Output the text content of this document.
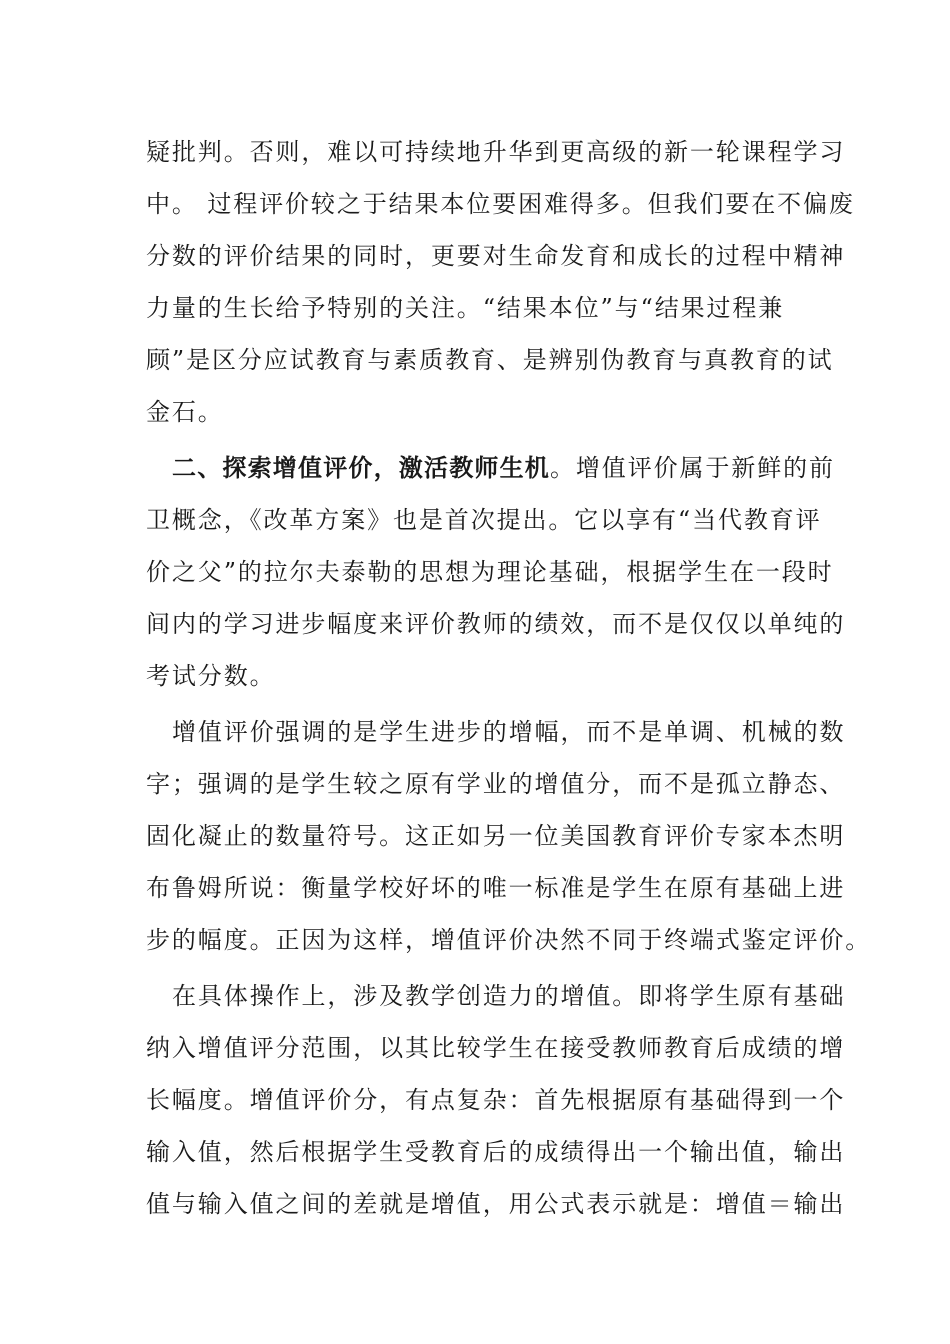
疑批判。否则，难以可持续地升华到更高级的新一轮课程学习
中。 过程评价较之于结果本位要困难得多。但我们要在不偏废
分数的评价结果的同时，更要对生命发育和成长的过程中精神
力量的生长给予特别的关注。“结果本位”与“结果过程兼
顾”是区分应试教育与素质教育、是辨别伪教育与真教育的试
金石。
二、探索增值评价，激活教师生机。增值评价属于新鲜的前
卫概念，《改革方案》也是首次提出。它以享有“当代教育评
价之父”的拉尔夫泰勒的思想为理论基础，根据学生在一段时
间内的学习进步幅度来评价教师的绩效，而不是仅仅以单纯的
考试分数。
增值评价强调的是学生进步的增幅，而不是单调、机械的数
字；强调的是学生较之原有学业的增值分，而不是孤立静态、
固化凝止的数量符号。这正如另一位美国教育评价专家本杰明
布鲁姆所说：衡量学校好坏的唯一标准是学生在原有基础上进
步的幅度。正因为这样，增值评价决然不同于终端式鉴定评价。
在具体操作上，涉及教学创造力的增值。即将学生原有基础
纳入增值评分范围，以其比较学生在接受教师教育后成绩的增
长幅度。增值评价分，有点复杂：首先根据原有基础得到一个
输入值，然后根据学生受教育后的成绩得出一个输出值，输出
值与输入值之间的差就是增值，用公式表示就是：增值＝输出
